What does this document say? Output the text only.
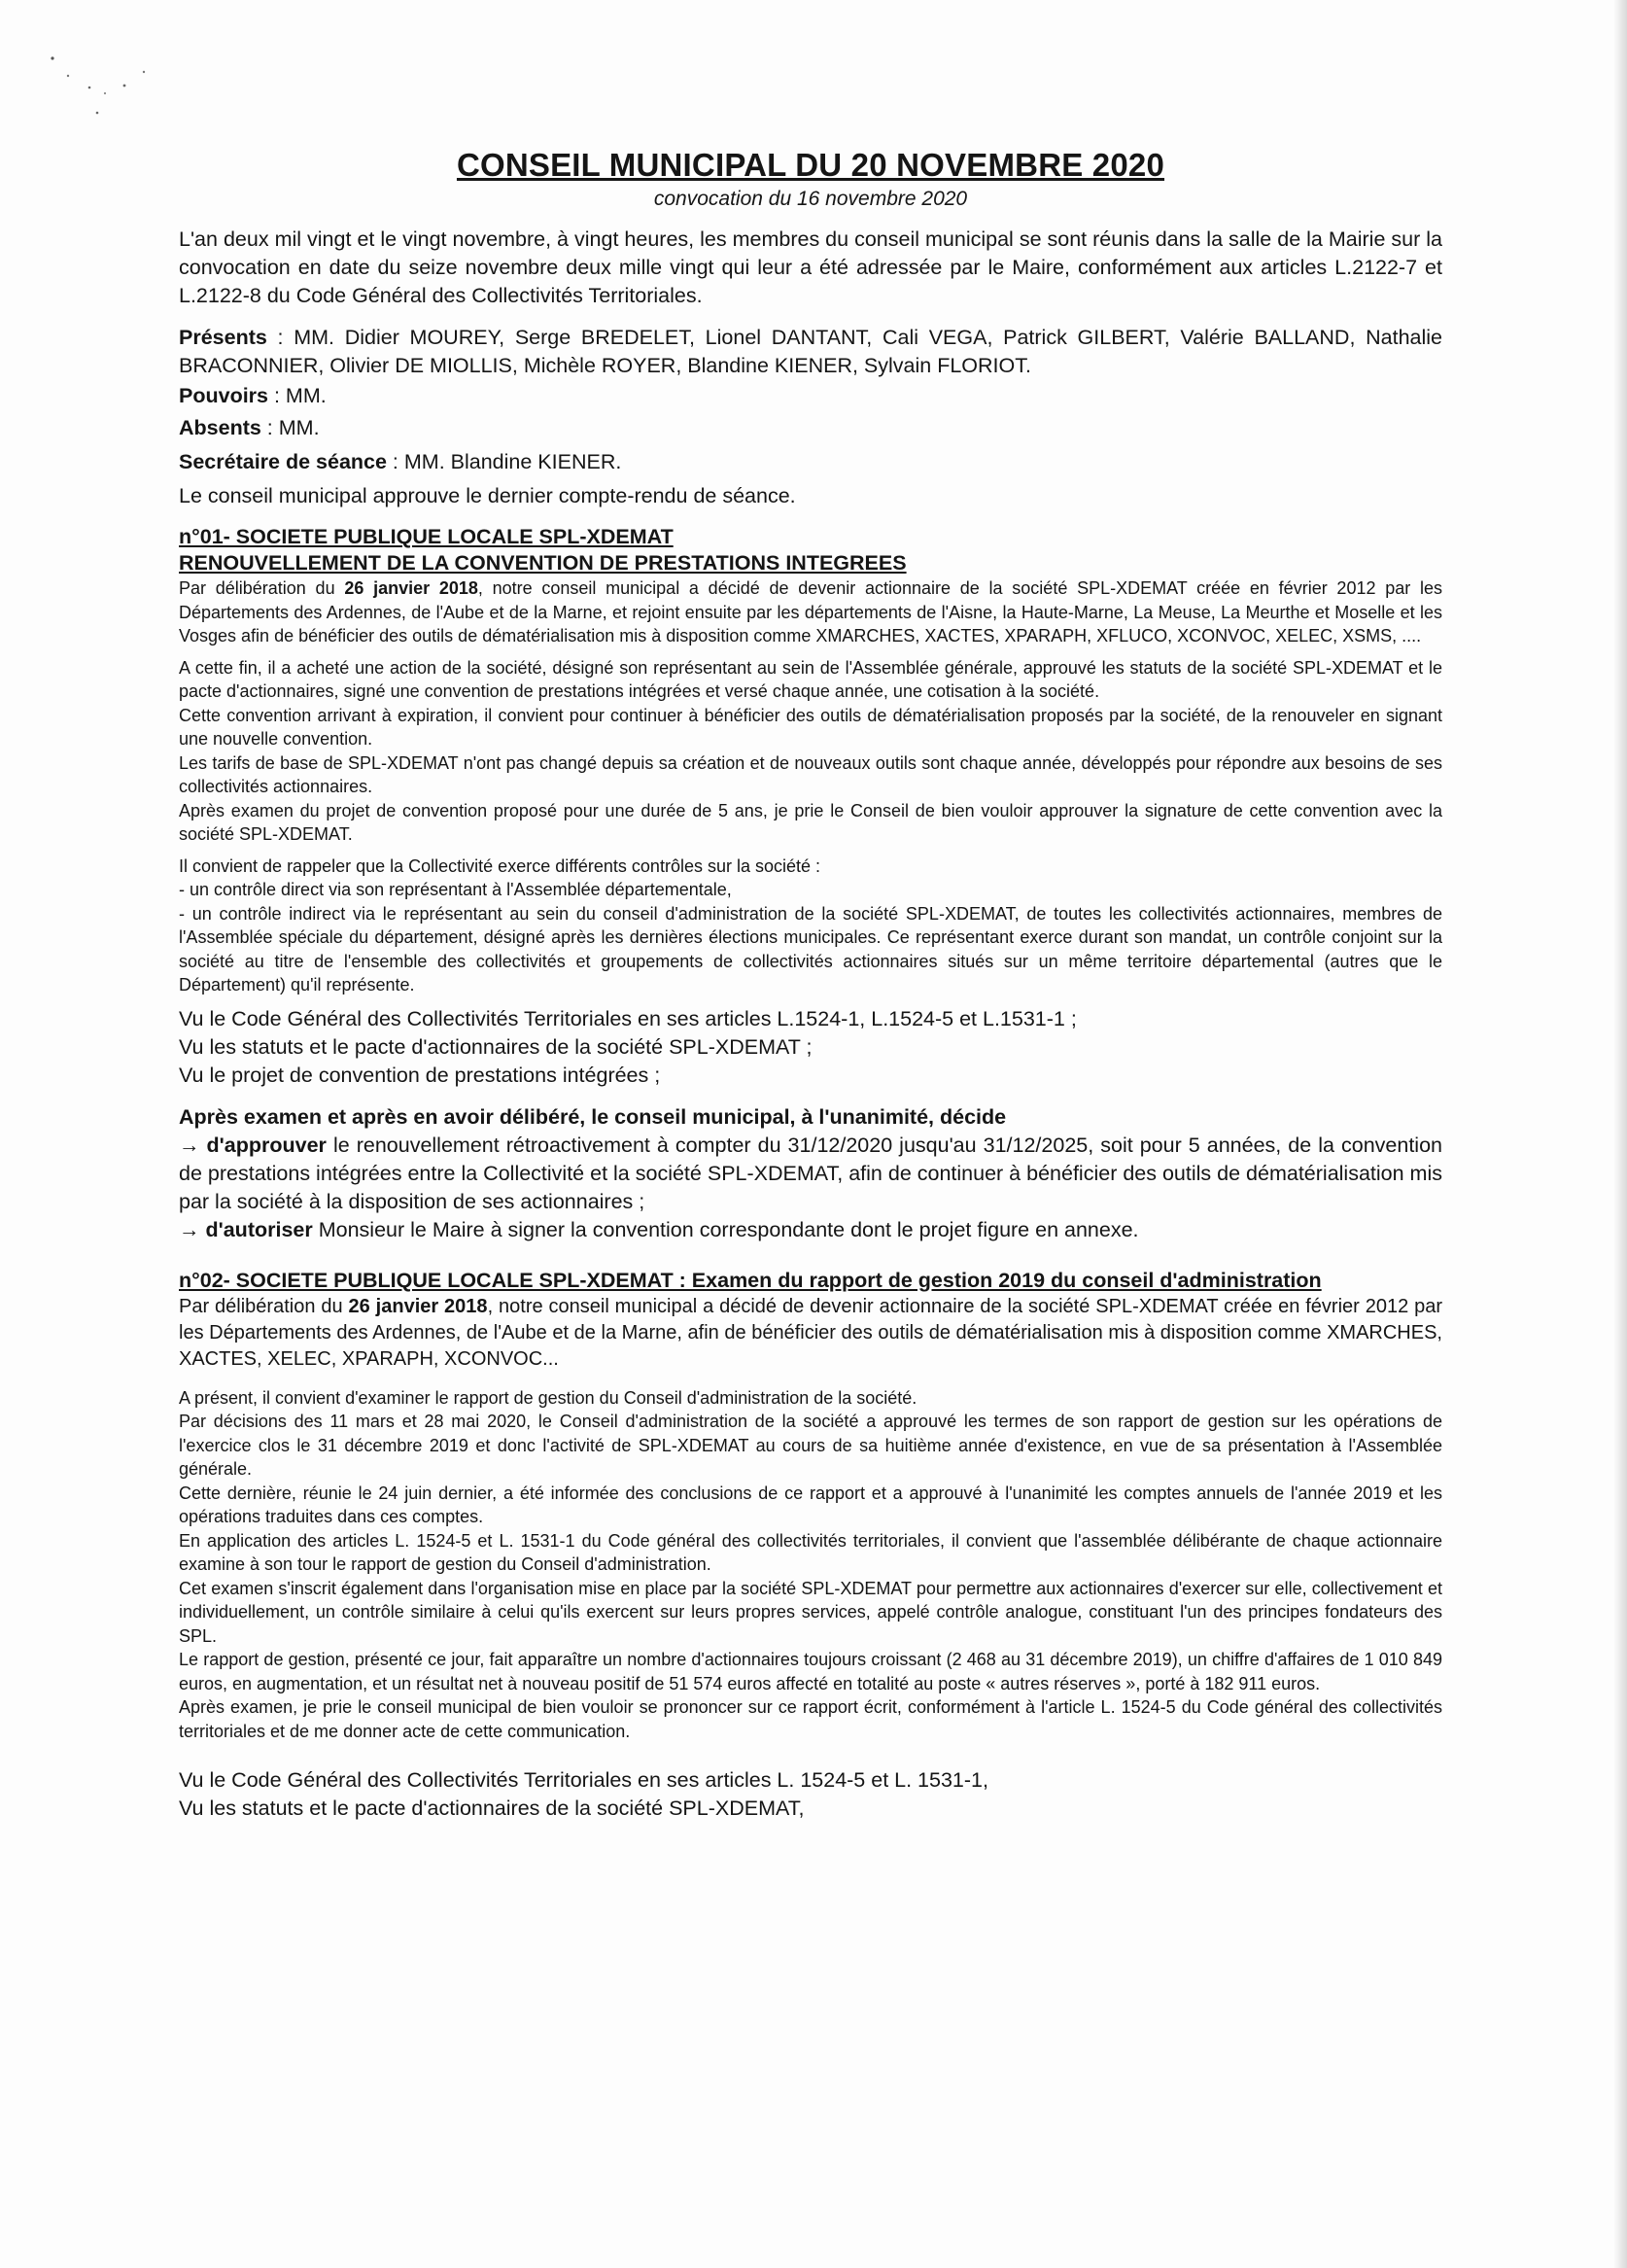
CONSEIL MUNICIPAL DU 20 NOVEMBRE 2020

convocation du 16 novembre 2020

L'an deux mil vingt et le vingt novembre, à vingt heures, les membres du conseil municipal se sont réunis dans la salle de la Mairie sur la convocation en date du seize novembre deux mille vingt qui leur a été adressée par le Maire, conformément aux articles L.2122-7 et L.2122-8 du Code Général des Collectivités Territoriales.

Présents : MM. Didier MOUREY, Serge BREDELET, Lionel DANTANT, Cali VEGA, Patrick GILBERT, Valérie BALLAND, Nathalie BRACONNIER, Olivier DE MIOLLIS, Michèle ROYER, Blandine KIENER, Sylvain FLORIOT.

Pouvoirs : MM.

Absents : MM.

Secrétaire de séance : MM. Blandine KIENER.

Le conseil municipal approuve le dernier compte-rendu de séance.

n°01- SOCIETE PUBLIQUE LOCALE SPL-XDEMAT

RENOUVELLEMENT DE LA CONVENTION DE PRESTATIONS INTEGREES

Par délibération du 26 janvier 2018, notre conseil municipal a décidé de devenir actionnaire de la société SPL-XDEMAT créée en février 2012 par les Départements des Ardennes, de l'Aube et de la Marne, et rejoint ensuite par les départements de l'Aisne, la Haute-Marne, La Meuse, La Meurthe et Moselle et les Vosges afin de bénéficier des outils de dématérialisation mis à disposition comme XMARCHES, XACTES, XPARAPH, XFLUCO, XCONVOC, XELEC, XSMS, ....

A cette fin, il a acheté une action de la société, désigné son représentant au sein de l'Assemblée générale, approuvé les statuts de la société SPL-XDEMAT et le pacte d'actionnaires, signé une convention de prestations intégrées et versé chaque année, une cotisation à la société.

Cette convention arrivant à expiration, il convient pour continuer à bénéficier des outils de dématérialisation proposés par la société, de la renouveler en signant une nouvelle convention.

Les tarifs de base de SPL-XDEMAT n'ont pas changé depuis sa création et de nouveaux outils sont chaque année, développés pour répondre aux besoins de ses collectivités actionnaires.

Après examen du projet de convention proposé pour une durée de 5 ans, je prie le Conseil de bien vouloir approuver la signature de cette convention avec la société SPL-XDEMAT.

Il convient de rappeler que la Collectivité exerce différents contrôles sur la société :

- un contrôle direct via son représentant à l'Assemblée départementale,

- un contrôle indirect via le représentant au sein du conseil d'administration de la société SPL-XDEMAT, de toutes les collectivités actionnaires, membres de l'Assemblée spéciale du département, désigné après les dernières élections municipales. Ce représentant exerce durant son mandat, un contrôle conjoint sur la société au titre de l'ensemble des collectivités et groupements de collectivités actionnaires situés sur un même territoire départemental (autres que le Département) qu'il représente.

Vu le Code Général des Collectivités Territoriales en ses articles L.1524-1, L.1524-5 et L.1531-1 ;

Vu les statuts et le pacte d'actionnaires de la société SPL-XDEMAT ;

Vu le projet de convention de prestations intégrées ;

Après examen et après en avoir délibéré, le conseil municipal, à l'unanimité, décide

→ d'approuver le renouvellement rétroactivement à compter du 31/12/2020 jusqu'au 31/12/2025, soit pour 5 années, de la convention de prestations intégrées entre la Collectivité et la société SPL-XDEMAT, afin de continuer à bénéficier des outils de dématérialisation mis par la société à la disposition de ses actionnaires ;

→ d'autoriser Monsieur le Maire à signer la convention correspondante dont le projet figure en annexe.

n°02- SOCIETE PUBLIQUE LOCALE SPL-XDEMAT : Examen du rapport de gestion 2019 du conseil d'administration

Par délibération du 26 janvier 2018, notre conseil municipal a décidé de devenir actionnaire de la société SPL-XDEMAT créée en février 2012 par les Départements des Ardennes, de l'Aube et de la Marne, afin de bénéficier des outils de dématérialisation mis à disposition comme XMARCHES, XACTES, XELEC, XPARAPH, XCONVOC...

A présent, il convient d'examiner le rapport de gestion du Conseil d'administration de la société.

Par décisions des 11 mars et 28 mai 2020, le Conseil d'administration de la société a approuvé les termes de son rapport de gestion sur les opérations de l'exercice clos le 31 décembre 2019 et donc l'activité de SPL-XDEMAT au cours de sa huitième année d'existence, en vue de sa présentation à l'Assemblée générale.

Cette dernière, réunie le 24 juin dernier, a été informée des conclusions de ce rapport et a approuvé à l'unanimité les comptes annuels de l'année 2019 et les opérations traduites dans ces comptes.

En application des articles L. 1524-5 et L. 1531-1 du Code général des collectivités territoriales, il convient que l'assemblée délibérante de chaque actionnaire examine à son tour le rapport de gestion du Conseil d'administration.

Cet examen s'inscrit également dans l'organisation mise en place par la société SPL-XDEMAT pour permettre aux actionnaires d'exercer sur elle, collectivement et individuellement, un contrôle similaire à celui qu'ils exercent sur leurs propres services, appelé contrôle analogue, constituant l'un des principes fondateurs des SPL.

Le rapport de gestion, présenté ce jour, fait apparaître un nombre d'actionnaires toujours croissant (2 468 au 31 décembre 2019), un chiffre d'affaires de 1 010 849 euros, en augmentation, et un résultat net à nouveau positif de 51 574 euros affecté en totalité au poste « autres réserves », porté à 182 911 euros.

Après examen, je prie le conseil municipal de bien vouloir se prononcer sur ce rapport écrit, conformément à l'article L. 1524-5 du Code général des collectivités territoriales et de me donner acte de cette communication.

Vu le Code Général des Collectivités Territoriales en ses articles L. 1524-5 et L. 1531-1,

Vu les statuts et le pacte d'actionnaires de la société SPL-XDEMAT,
